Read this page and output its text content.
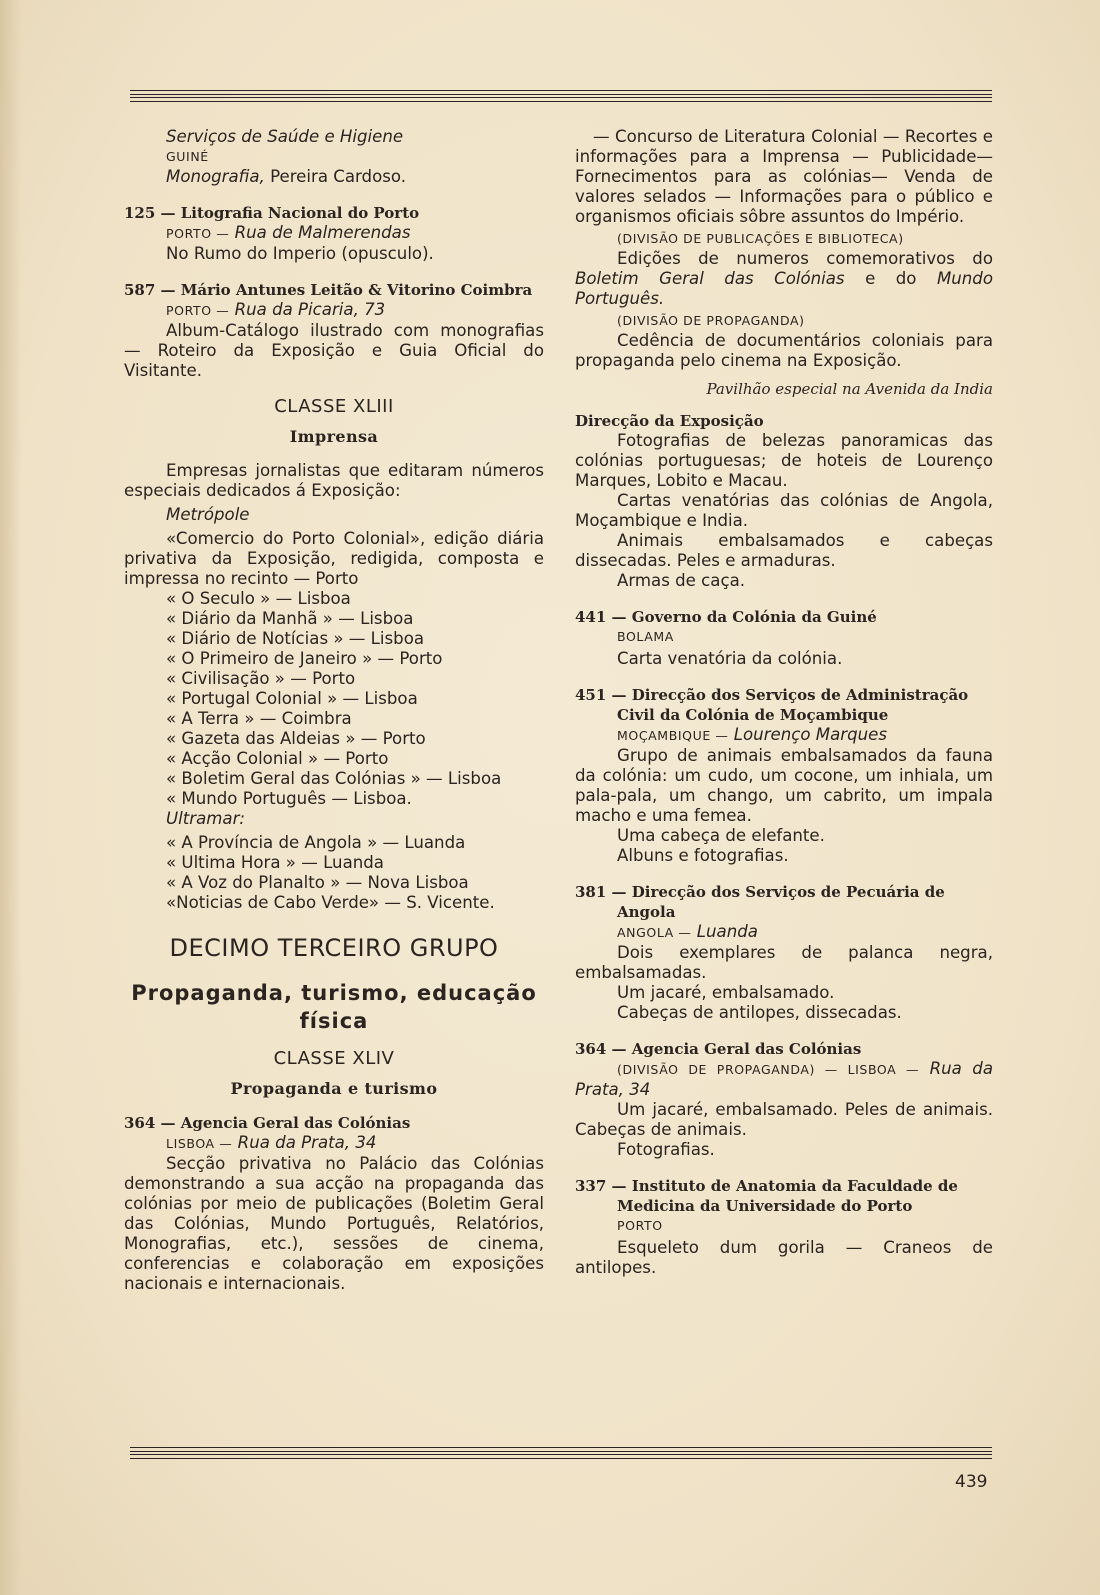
Serviços de Saúde e Higiene

GUINÉ

Monografia, Pereira Cardoso.

125 — Litografia Nacional do Porto

PORTO — Rua de Malmerendas

No Rumo do Imperio (opusculo).

587 — Mário Antunes Leitão & Vitorino Coimbra

PORTO — Rua da Picaria, 73

Album-Catálogo ilustrado com monografias — Roteiro da Exposição e Guia Oficial do Visitante.

CLASSE XLIII

Imprensa

Empresas jornalistas que editaram números especiais dedicados á Exposição:

Metrópole

«Comercio do Porto Colonial», edição diária privativa da Exposição, redigida, composta e impressa no recinto — Porto

« O Seculo » — Lisboa

« Diário da Manhã » — Lisboa

« Diário de Notícias » — Lisboa

« O Primeiro de Janeiro » — Porto

« Civilisação » — Porto

« Portugal Colonial » — Lisboa

« A Terra » — Coimbra

« Gazeta das Aldeias » — Porto

« Acção Colonial » — Porto

« Boletim Geral das Colónias » — Lisboa

« Mundo Português — Lisboa.

Ultramar:

« A Província de Angola » — Luanda

« Ultima Hora » — Luanda

« A Voz do Planalto » — Nova Lisboa

«Noticias de Cabo Verde» — S. Vicente.

DECIMO TERCEIRO GRUPO

Propaganda, turismo, educação física

CLASSE XLIV

Propaganda e turismo

364 — Agencia Geral das Colónias

LISBOA — Rua da Prata, 34

Secção privativa no Palácio das Colónias demonstrando a sua acção na propaganda das colónias por meio de publicações (Boletim Geral das Colónias, Mundo Português, Relatórios, Monografias, etc.), sessões de cinema, conferencias e colaboração em exposições nacionais e internacionais.

— Concurso de Literatura Colonial — Recortes e informações para a Imprensa — Publicidade—Fornecimentos para as colónias— Venda de valores selados — Informações para o público e organismos oficiais sôbre assuntos do Império.

(DIVISÃO DE PUBLICAÇÕES E BIBLIOTECA)

Edições de numeros comemorativos do Boletim Geral das Colónias e do Mundo Português.

(DIVISÃO DE PROPAGANDA)

Cedência de documentários coloniais para propaganda pelo cinema na Exposição.

Pavilhão especial na Avenida da India

Direcção da Exposição

Fotografias de belezas panoramicas das colónias portuguesas; de hoteis de Lourenço Marques, Lobito e Macau.

Cartas venatórias das colónias de Angola, Moçambique e India.

Animais embalsamados e cabeças dissecadas. Peles e armaduras.

Armas de caça.

441 — Governo da Colónia da Guiné

BOLAMA

Carta venatória da colónia.

451 — Direcção dos Serviços de Administração Civil da Colónia de Moçambique

MOÇAMBIQUE — Lourenço Marques

Grupo de animais embalsamados da fauna da colónia: um cudo, um cocone, um inhiala, um pala-pala, um chango, um cabrito, um impala macho e uma femea.

Uma cabeça de elefante.

Albuns e fotografias.

381 — Direcção dos Serviços de Pecuária de Angola

ANGOLA — Luanda

Dois exemplares de palanca negra, embalsamadas.

Um jacaré, embalsamado.

Cabeças de antilopes, dissecadas.

364 — Agencia Geral das Colónias

(DIVISÃO DE PROPAGANDA) — LISBOA — Rua da Prata, 34

Um jacaré, embalsamado. Peles de animais. Cabeças de animais.

Fotografias.

337 — Instituto de Anatomia da Faculdade de Medicina da Universidade do Porto

PORTO

Esqueleto dum gorila — Craneos de antilopes.

439
